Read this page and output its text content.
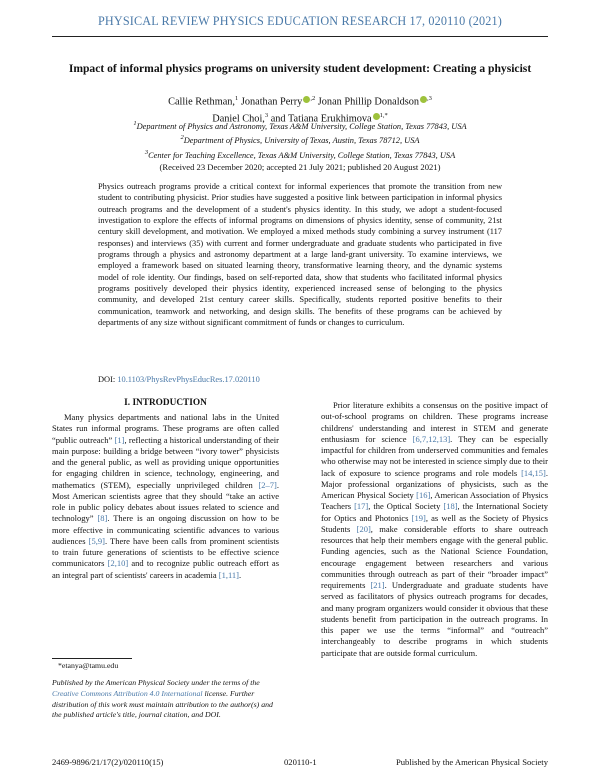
PHYSICAL REVIEW PHYSICS EDUCATION RESEARCH 17, 020110 (2021)
Impact of informal physics programs on university student development: Creating a physicist
Callie Rethman,$^1$ Jonathan Perry $^{,2}$ Jonan Phillip Donaldson $^{,3}$
Daniel Choi,$^3$ and Tatiana Erukhimova $^{1,*}$
$^1$Department of Physics and Astronomy, Texas A&M University, College Station, Texas 77843, USA
$^2$Department of Physics, University of Texas, Austin, Texas 78712, USA
$^3$Center for Teaching Excellence, Texas A&M University, College Station, Texas 77843, USA
(Received 23 December 2020; accepted 21 July 2021; published 20 August 2021)
Physics outreach programs provide a critical context for informal experiences that promote the transition from new student to contributing physicist. Prior studies have suggested a positive link between participation in informal physics outreach programs and the development of a student's physics identity. In this study, we adopt a student-focused investigation to explore the effects of informal programs on dimensions of physics identity, sense of community, 21st century skill development, and motivation. We employed a mixed methods study combining a survey instrument (117 responses) and interviews (35) with current and former undergraduate and graduate students who participated in five programs through a physics and astronomy department at a large land-grant university. To examine interviews, we employed a framework based on situated learning theory, transformative learning theory, and the dynamic systems model of role identity. Our findings, based on self-reported data, show that students who facilitated informal physics programs positively developed their physics identity, experienced increased sense of belonging to the physics community, and developed 21st century career skills. Specifically, students reported positive benefits to their communication, teamwork and networking, and design skills. The benefits of these programs can be achieved by departments of any size without significant commitment of funds or changes to curriculum.
DOI: 10.1103/PhysRevPhysEducRes.17.020110
I. INTRODUCTION

Many physics departments and national labs in the United States run informal programs. These programs are often called “public outreach” [1], reflecting a historical understanding of their main purpose: building a bridge between “ivory tower” physicists and the general public, as well as providing unique opportunities for engaging children in science, technology, engineering, and mathematics (STEM), especially unprivileged children [2–7]. Most American scientists agree that they should “take an active role in public policy debates about issues related to science and technology” [8]. There is an ongoing discussion on how to be more effective in communicating scientific advances to various audiences [5,9]. There have been calls from prominent scientists to train future generations of scientists to be effective science communicators [2,10] and to recognize public outreach effort as an integral part of scientists' careers in academia [1,11].

*etanya@tamu.edu
Published by the American Physical Society under the terms of the Creative Commons Attribution 4.0 International license. Further distribution of this work must maintain attribution to the author(s) and the published article's title, journal citation, and DOI.

Prior literature exhibits a consensus on the positive impact of out-of-school programs on children. These programs increase childrens' understanding and interest in STEM and generate enthusiasm for science [6,7,12,13]. They can be especially impactful for children from underserved communities and females who otherwise may not be interested in science simply due to their lack of exposure to science programs and role models [14,15]. Major professional organizations of physicists, such as the American Physical Society [16], American Association of Physics Teachers [17], the Optical Society [18], the International Society for Optics and Photonics [19], as well as the Society of Physics Students [20], make considerable efforts to share outreach resources that help their members engage with the general public. Funding agencies, such as the National Science Foundation, encourage engagement between researchers and various communities through outreach as part of their “broader impact” requirements [21]. Undergraduate and graduate students have served as facilitators of physics outreach programs for decades, and many program organizers would consider it obvious that these students benefit from participation in the outreach programs. In this paper we use the terms “informal” and “outreach” interchangeably to describe programs in which students participate that are outside formal curriculum.

2469-9896/21/17(2)/020110(15)	020110-1	Published by the American Physical Society
